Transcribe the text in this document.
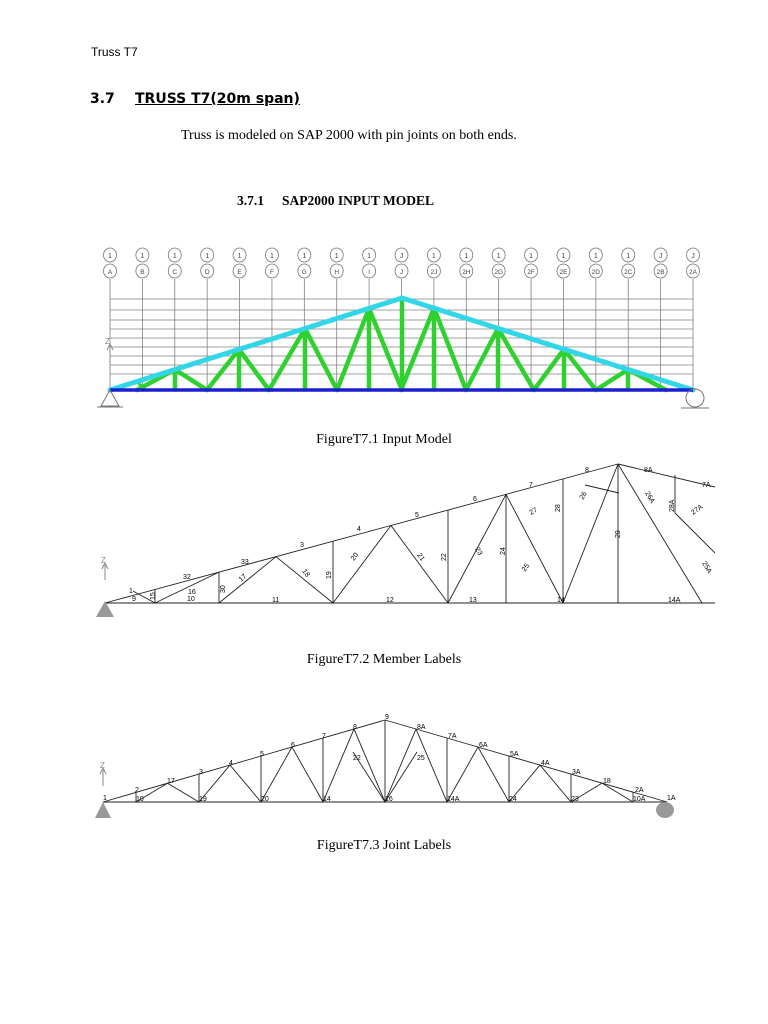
Truss T7
3.7 TRUSS T7(20m span)
Truss is modeled on SAP 2000 with pin joints on both ends.
3.7.1 SAP2000 INPUT MODEL
1
A
1
B
1
C
1
D
1
E
1
F
1
G
1
H
1
I
J
J
1
2J
1
2H
1
2G
1
2F
1
2E
1
2D
1
2C
J
2B
J
2A
Z
FigureT7.1 Input Model
Z
1
32
33
3
4
5
6
7
8	8A
7A
9	10	11	12	13	14	14A
15	16	30
17	18 19
20	21 22
23 24
25
27 28
26
29
26A
28A 27A
25A
FigureT7.2 Member Labels
Z
1
2
17
3
4
5
6
7
8
9
8A
7A
6A
5A
4A
3A
18
2A
1A
10	19	20	14	16	14A	24	23	10A
22	25
FigureT7.3 Joint Labels
